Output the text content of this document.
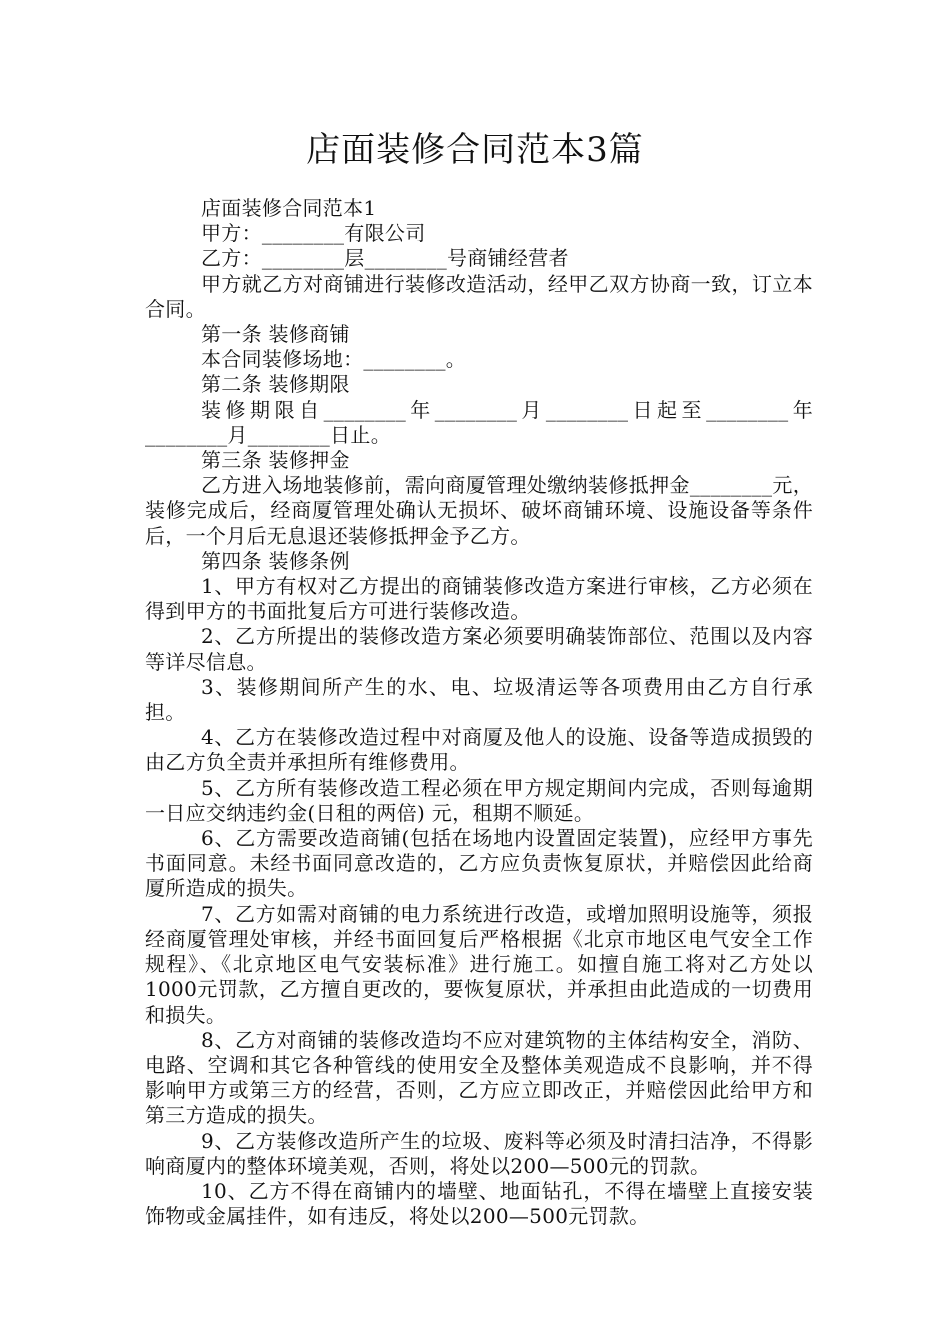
店面装修合同范本3篇

店面装修合同范本1

甲方：________有限公司

乙方：________层________号商铺经营者

甲方就乙方对商铺进行装修改造活动，经甲乙双方协商一致，订立本合同。

第一条 装修商铺

本合同装修场地：________。

第二条 装修期限

装修期限自________年________月________日起至________年________月________日止。

第三条 装修押金

乙方进入场地装修前，需向商厦管理处缴纳装修抵押金________元，装修完成后，经商厦管理处确认无损坏、破坏商铺环境、设施设备等条件后，一个月后无息退还装修抵押金予乙方。

第四条 装修条例

1、甲方有权对乙方提出的商铺装修改造方案进行审核，乙方必须在得到甲方的书面批复后方可进行装修改造。

2、乙方所提出的装修改造方案必须要明确装饰部位、范围以及内容等详尽信息。

3、装修期间所产生的水、电、垃圾清运等各项费用由乙方自行承担。

4、乙方在装修改造过程中对商厦及他人的设施、设备等造成损毁的由乙方负全责并承担所有维修费用。

5、乙方所有装修改造工程必须在甲方规定期间内完成，否则每逾期一日应交纳违约金(日租的两倍) 元，租期不顺延。

6、乙方需要改造商铺(包括在场地内设置固定装置)，应经甲方事先书面同意。未经书面同意改造的，乙方应负责恢复原状，并赔偿因此给商厦所造成的损失。

7、乙方如需对商铺的电力系统进行改造，或增加照明设施等，须报经商厦管理处审核，并经书面回复后严格根据《北京市地区电气安全工作规程》、《北京地区电气安装标准》进行施工。如擅自施工将对乙方处以1000元罚款，乙方擅自更改的，要恢复原状，并承担由此造成的一切费用和损失。

8、乙方对商铺的装修改造均不应对建筑物的主体结构安全，消防、电路、空调和其它各种管线的使用安全及整体美观造成不良影响，并不得影响甲方或第三方的经营，否则，乙方应立即改正，并赔偿因此给甲方和第三方造成的损失。

9、乙方装修改造所产生的垃圾、废料等必须及时清扫洁净，不得影响商厦内的整体环境美观，否则，将处以200—500元的罚款。

10、乙方不得在商铺内的墙壁、地面钻孔，不得在墙壁上直接安装饰物或金属挂件，如有违反，将处以200—500元罚款。
